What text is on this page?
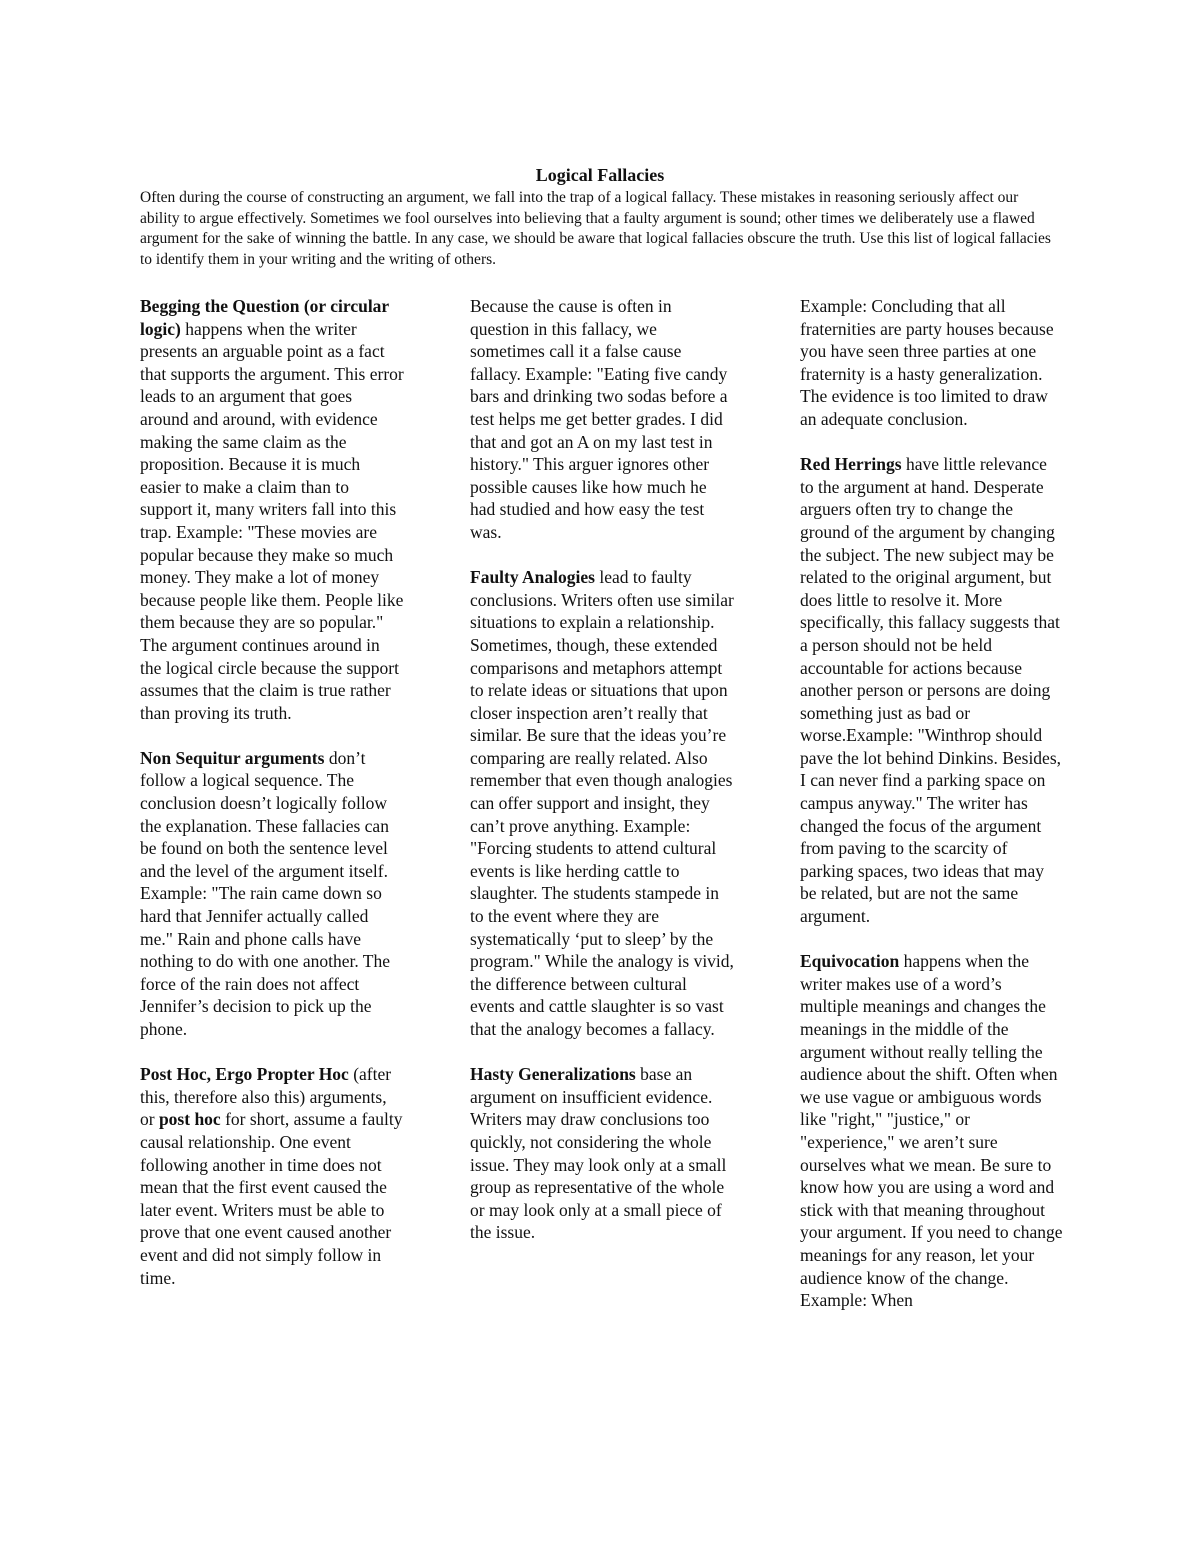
Logical Fallacies
Often during the course of constructing an argument, we fall into the trap of a logical fallacy. These mistakes in reasoning seriously affect our ability to argue effectively. Sometimes we fool ourselves into believing that a faulty argument is sound; other times we deliberately use a flawed argument for the sake of winning the battle. In any case, we should be aware that logical fallacies obscure the truth. Use this list of logical fallacies to identify them in your writing and the writing of others.

Begging the Question (or circular logic) happens when the writer presents an arguable point as a fact that supports the argument. This error leads to an argument that goes around and around, with evidence making the same claim as the proposition. Because it is much easier to make a claim than to support it, many writers fall into this trap. Example: "These movies are popular because they make so much money. They make a lot of money because people like them. People like them because they are so popular." The argument continues around in the logical circle because the support assumes that the claim is true rather than proving its truth.

Non Sequitur arguments don’t follow a logical sequence. The conclusion doesn’t logically follow the explanation. These fallacies can be found on both the sentence level and the level of the argument itself. Example: "The rain came down so hard that Jennifer actually called me." Rain and phone calls have nothing to do with one another. The force of the rain does not affect Jennifer’s decision to pick up the phone.

Post Hoc, Ergo Propter Hoc (after this, therefore also this) arguments, or post hoc for short, assume a faulty causal relationship. One event following another in time does not mean that the first event caused the later event. Writers must be able to prove that one event caused another event and did not simply follow in time.

Because the cause is often in question in this fallacy, we sometimes call it a false cause fallacy. Example: "Eating five candy bars and drinking two sodas before a test helps me get better grades. I did that and got an A on my last test in history." This arguer ignores other possible causes like how much he had studied and how easy the test was.

Faulty Analogies lead to faulty conclusions. Writers often use similar situations to explain a relationship. Sometimes, though, these extended comparisons and metaphors attempt to relate ideas or situations that upon closer inspection aren’t really that similar. Be sure that the ideas you’re comparing are really related. Also remember that even though analogies can offer support and insight, they can’t prove anything. Example: "Forcing students to attend cultural events is like herding cattle to slaughter. The students stampede in to the event where they are systematically ‘put to sleep’ by the program." While the analogy is vivid, the difference between cultural events and cattle slaughter is so vast that the analogy becomes a fallacy.

Hasty Generalizations base an argument on insufficient evidence. Writers may draw conclusions too quickly, not considering the whole issue. They may look only at a small group as representative of the whole or may look only at a small piece of the issue.

Example: Concluding that all fraternities are party houses because you have seen three parties at one fraternity is a hasty generalization. The evidence is too limited to draw an adequate conclusion.

Red Herrings have little relevance to the argument at hand. Desperate arguers often try to change the ground of the argument by changing the subject. The new subject may be related to the original argument, but does little to resolve it. More specifically, this fallacy suggests that a person should not be held accountable for actions because another person or persons are doing something just as bad or worse.Example: "Winthrop should pave the lot behind Dinkins. Besides, I can never find a parking space on campus anyway." The writer has changed the focus of the argument from paving to the scarcity of parking spaces, two ideas that may be related, but are not the same argument.

Equivocation happens when the writer makes use of a word’s multiple meanings and changes the meanings in the middle of the argument without really telling the audience about the shift. Often when we use vague or ambiguous words like "right," "justice," or "experience," we aren’t sure ourselves what we mean. Be sure to know how you are using a word and stick with that meaning throughout your argument. If you need to change meanings for any reason, let your audience know of the change. Example: When
